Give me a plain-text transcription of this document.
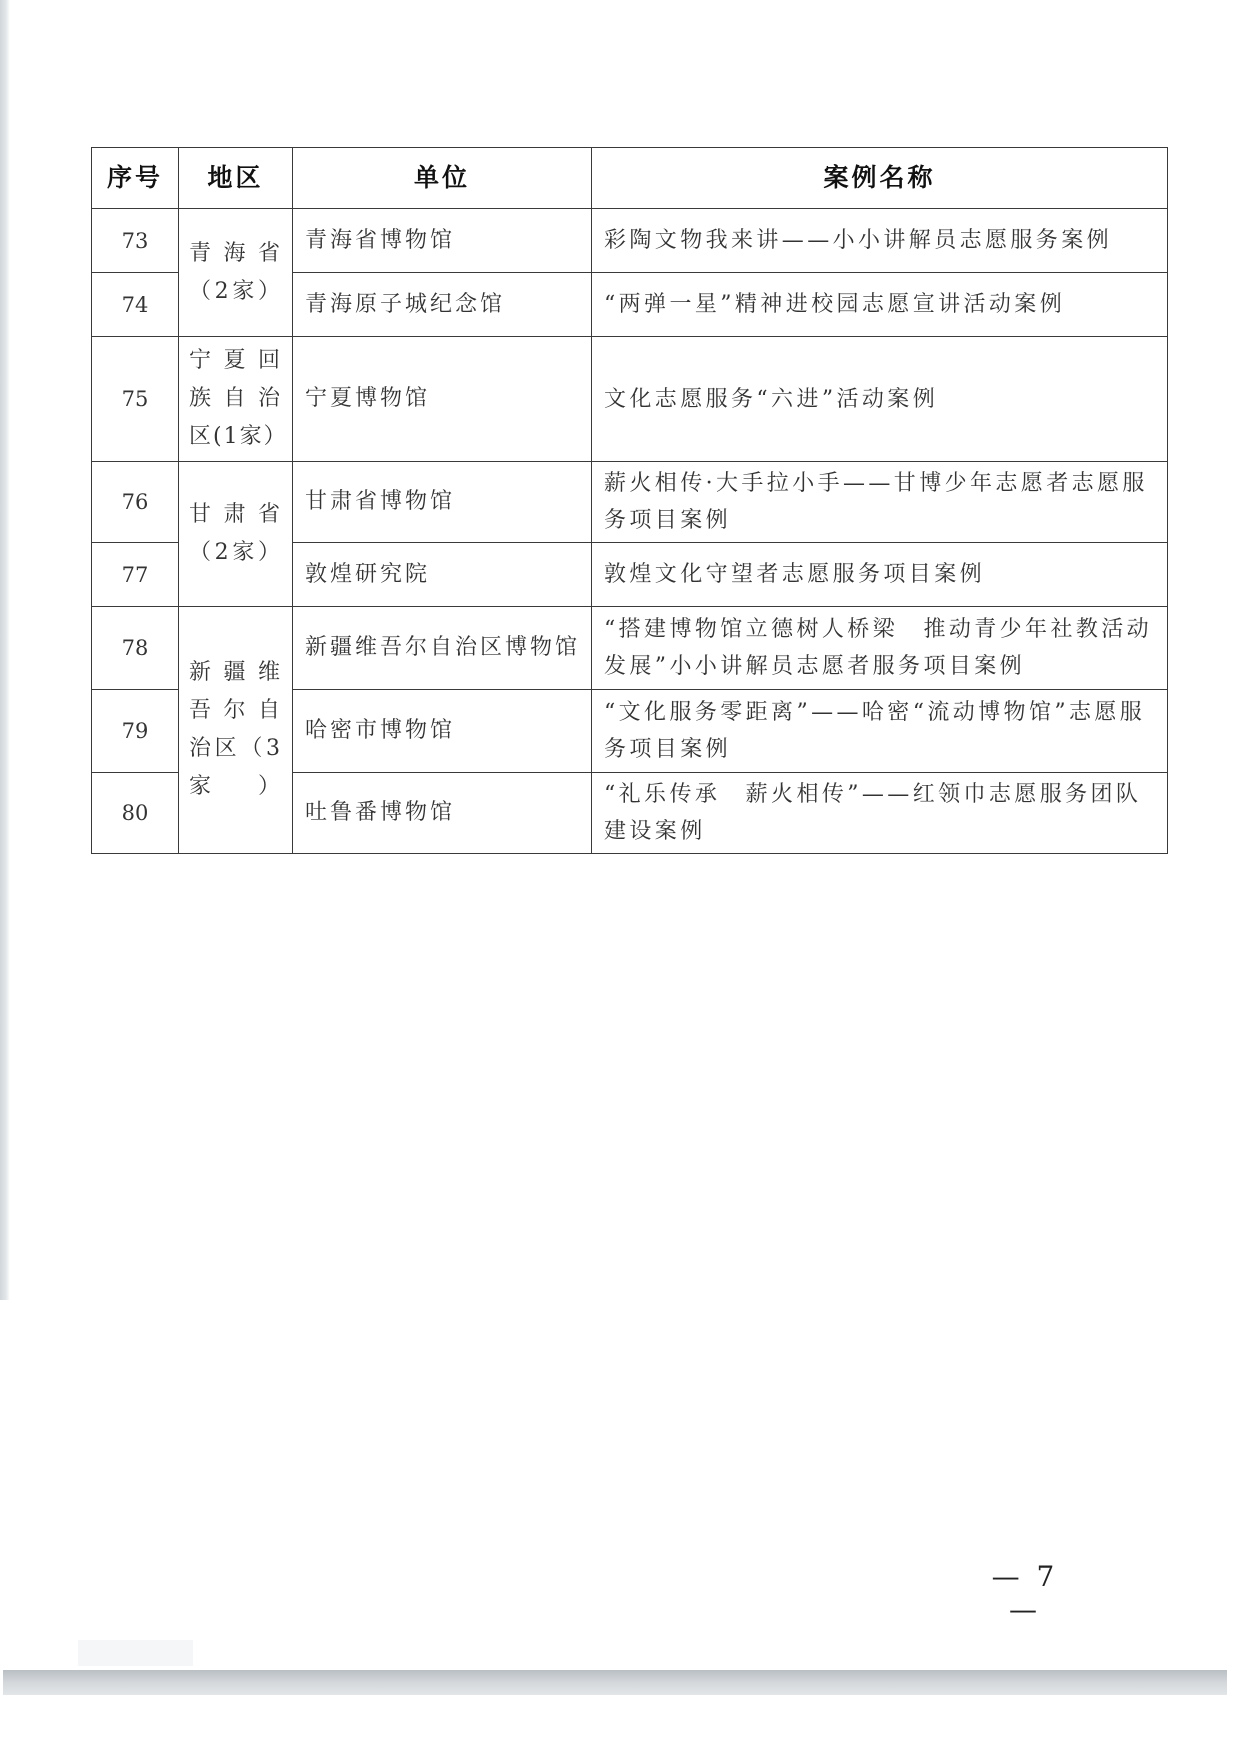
序号	地区	单位	案例名称
73	青海省（2家）	青海省博物馆	彩陶文物我来讲——小小讲解员志愿服务案例
74		青海原子城纪念馆	“两弹一星”精神进校园志愿宣讲活动案例
75	宁夏回族自治区(1家）	宁夏博物馆	文化志愿服务“六进”活动案例
76	甘肃省（2家）	甘肃省博物馆	薪火相传·大手拉小手——甘博少年志愿者志愿服务项目案例
77		敦煌研究院	敦煌文化守望者志愿服务项目案例
78	新疆维吾尔自治区（3家）	新疆维吾尔自治区博物馆	“搭建博物馆立德树人桥梁　推动青少年社教活动发展”小小讲解员志愿者服务项目案例
79		哈密市博物馆	“文化服务零距离”——哈密“流动博物馆”志愿服务项目案例
80		吐鲁番博物馆	“礼乐传承　薪火相传”——红领巾志愿服务团队建设案例
— 7 —
